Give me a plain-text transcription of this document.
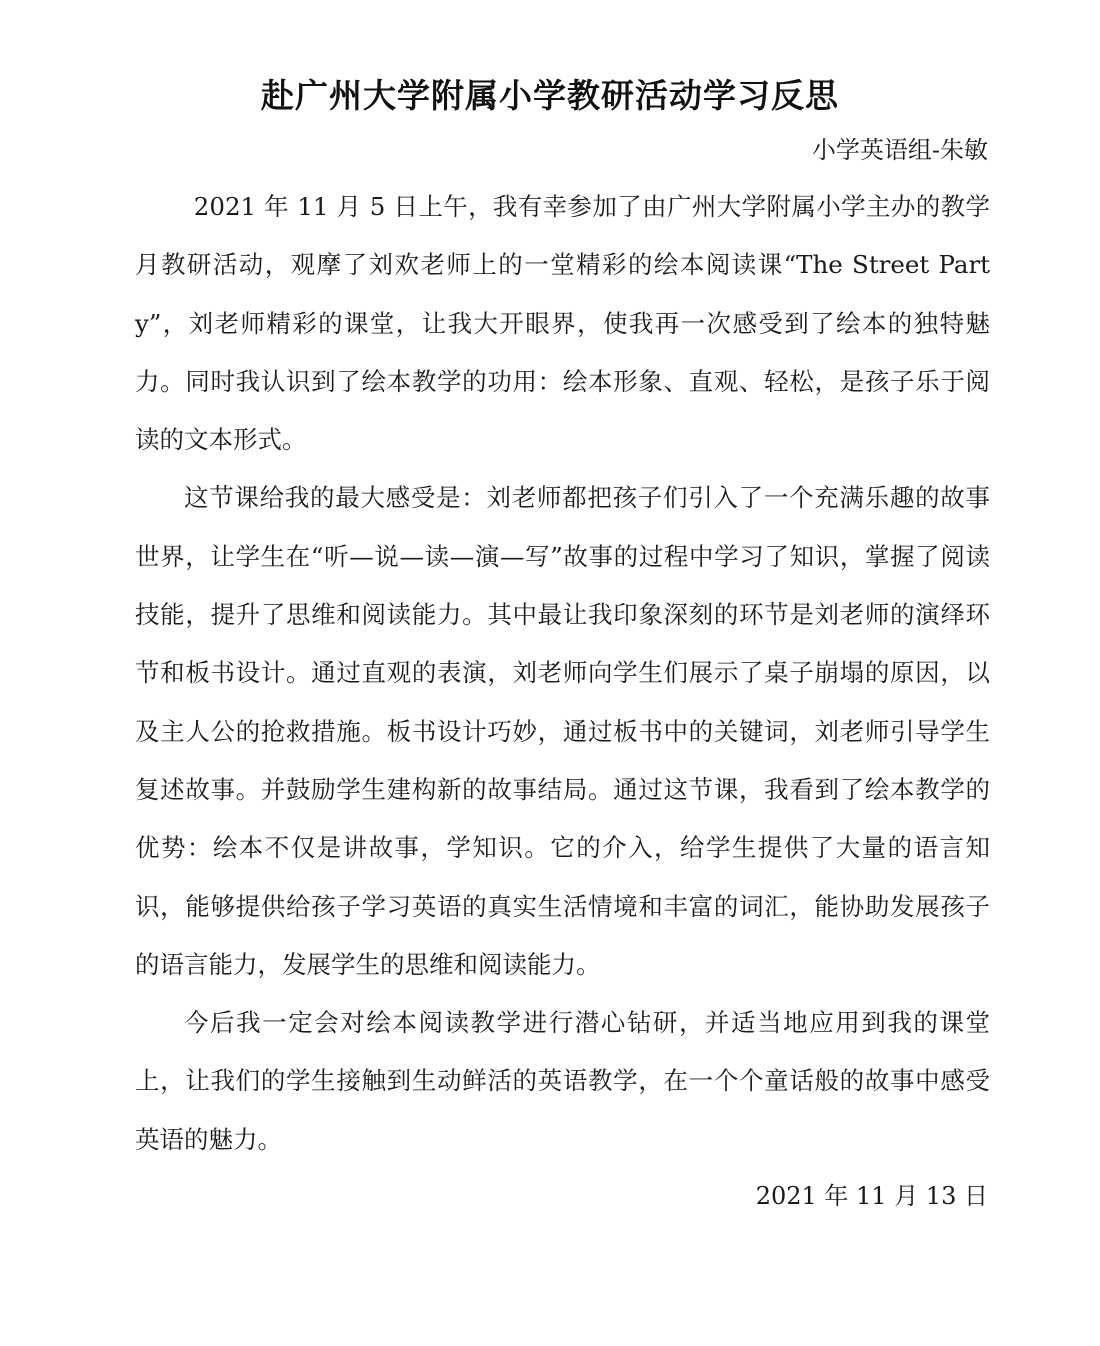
赴广州大学附属小学教研活动学习反思
小学英语组-朱敏

2021 年 11 月 5 日上午，我有幸参加了由广州大学附属小学主办的教学月教研活动，观摩了刘欢老师上的一堂精彩的绘本阅读课“The Street Party”，刘老师精彩的课堂，让我大开眼界，使我再一次感受到了绘本的独特魅力。同时我认识到了绘本教学的功用：绘本形象、直观、轻松，是孩子乐于阅读的文本形式。

这节课给我的最大感受是：刘老师都把孩子们引入了一个充满乐趣的故事世界，让学生在“听—说—读—演—写”故事的过程中学习了知识，掌握了阅读技能，提升了思维和阅读能力。其中最让我印象深刻的环节是刘老师的演绎环节和板书设计。通过直观的表演，刘老师向学生们展示了桌子崩塌的原因，以及主人公的抢救措施。板书设计巧妙，通过板书中的关键词，刘老师引导学生复述故事。并鼓励学生建构新的故事结局。通过这节课，我看到了绘本教学的优势：绘本不仅是讲故事，学知识。它的介入，给学生提供了大量的语言知识，能够提供给孩子学习英语的真实生活情境和丰富的词汇，能协助发展孩子的语言能力，发展学生的思维和阅读能力。

今后我一定会对绘本阅读教学进行潜心钻研，并适当地应用到我的课堂上，让我们的学生接触到生动鲜活的英语教学，在一个个童话般的故事中感受英语的魅力。

2021 年 11 月 13 日
